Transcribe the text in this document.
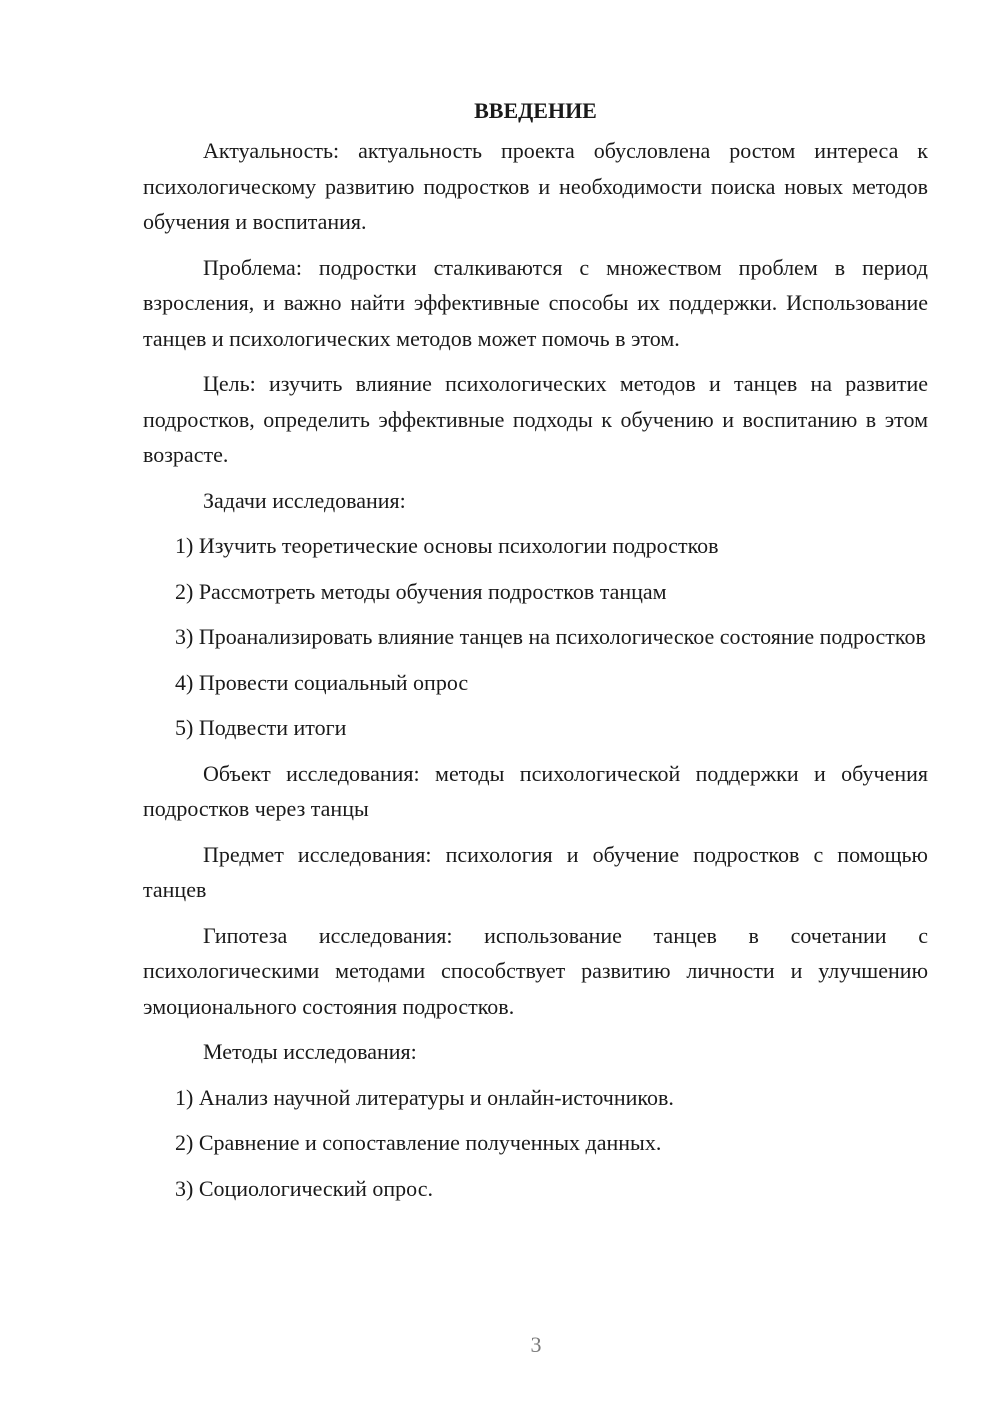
ВВЕДЕНИЕ

Актуальность: актуальность проекта обусловлена ростом интереса к психологическому развитию подростков и необходимости поиска новых методов обучения и воспитания.

Проблема: подростки сталкиваются с множеством проблем в период взросления, и важно найти эффективные способы их поддержки. Использование танцев и психологических методов может помочь в этом.

Цель: изучить влияние психологических методов и танцев на развитие подростков, определить эффективные подходы к обучению и воспитанию в этом возрасте.

Задачи исследования:

1) Изучить теоретические основы психологии подростков

2) Рассмотреть методы обучения подростков танцам

3) Проанализировать влияние танцев на психологическое состояние подростков

4) Провести социальный опрос

5) Подвести итоги

Объект исследования: методы психологической поддержки и обучения подростков через танцы

Предмет исследования: психология и обучение подростков с помощью танцев

Гипотеза исследования: использование танцев в сочетании с психологическими методами способствует развитию личности и улучшению эмоционального состояния подростков.

Методы исследования:

1) Анализ научной литературы и онлайн-источников.

2) Сравнение и сопоставление полученных данных.

3) Социологический опрос.

3
